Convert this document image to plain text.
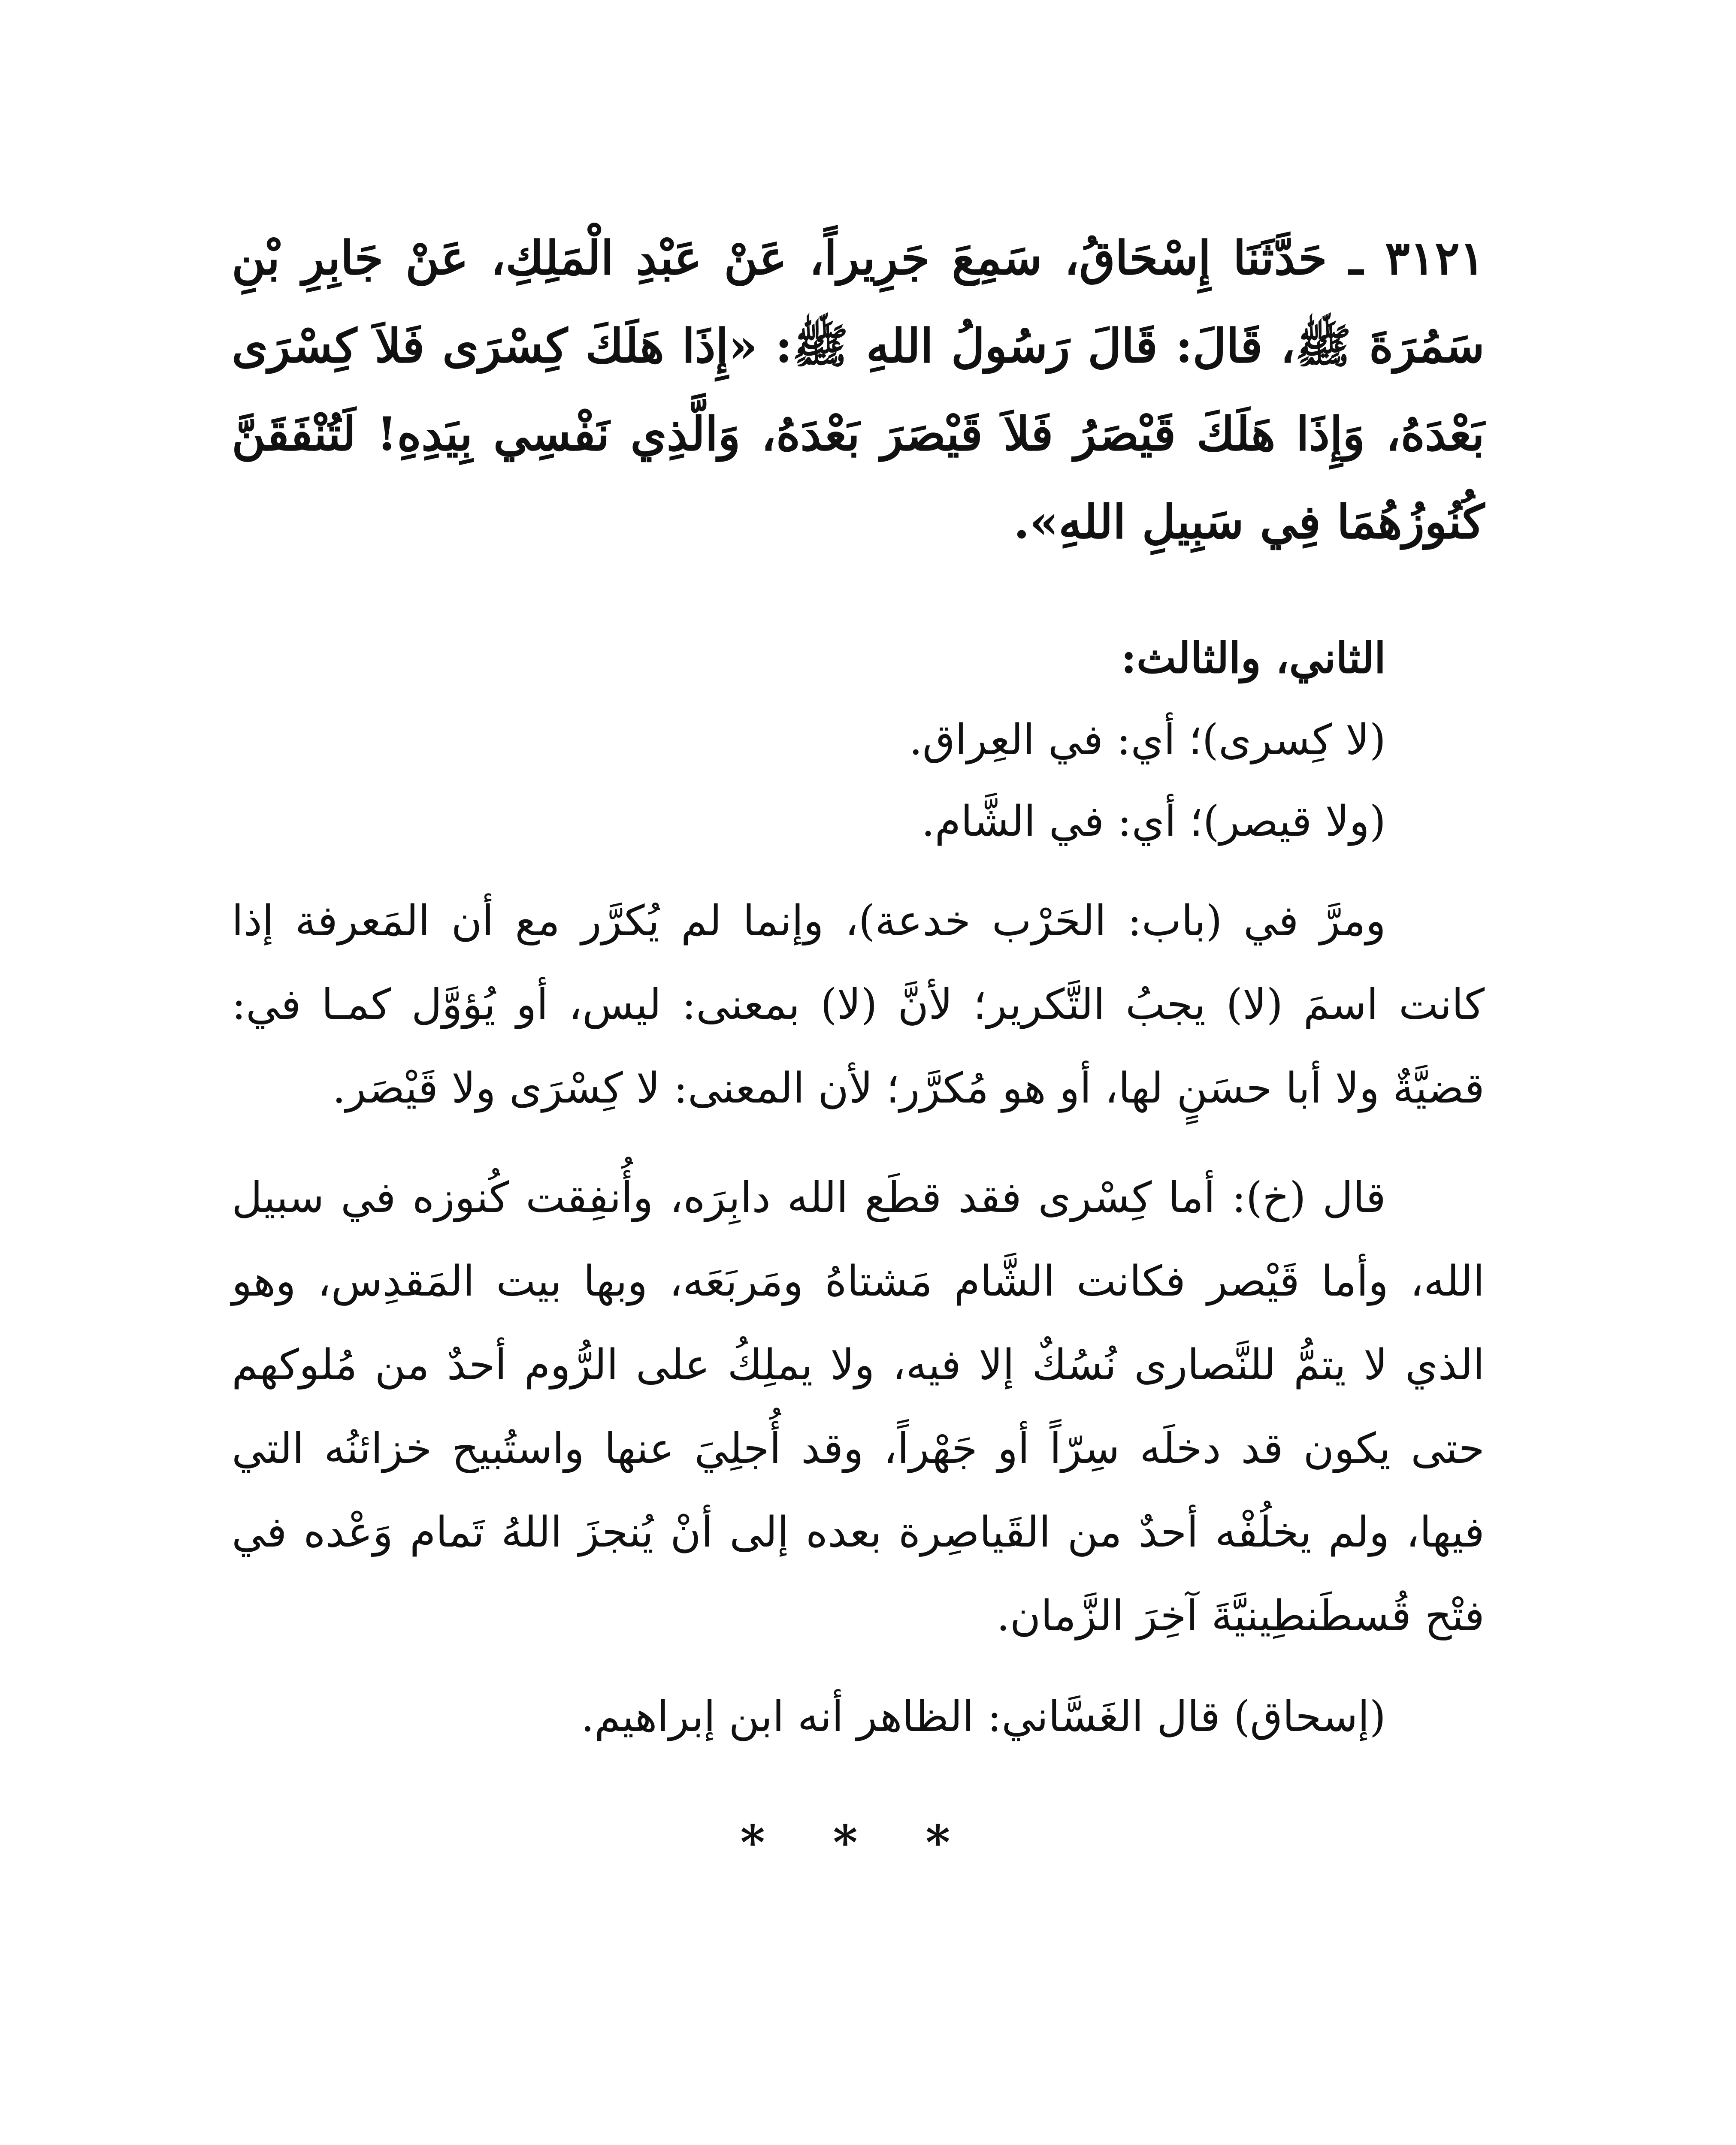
٣١٢١ ـ حَدَّثَنَا إِسْحَاقُ، سَمِعَ جَرِيراً، عَنْ عَبْدِ الْمَلِكِ، عَنْ جَابِرِ بْنِ سَمُرَةَ ﷺ، قَالَ: قَالَ رَسُولُ اللهِ ﷺ: «إِذَا هَلَكَ كِسْرَى فَلاَ كِسْرَى بَعْدَهُ، وَإِذَا هَلَكَ قَيْصَرُ فَلاَ قَيْصَرَ بَعْدَهُ، وَالَّذِي نَفْسِي بِيَدِهِ! لَتُنْفَقَنَّ كُنُوزُهُمَا فِي سَبِيلِ اللهِ».

الثاني، والثالث:

(لا كِسرى)؛ أي: في العِراق.

(ولا قيصر)؛ أي: في الشَّام.

ومرَّ في (باب: الحَرْب خدعة)، وإنما لم يُكرَّر مع أن المَعرفة إذا كانت اسمَ (لا) يجبُ التَّكرير؛ لأنَّ (لا) بمعنى: ليس، أو يُؤوَّل كمـا في: قضيَّةٌ ولا أبا حسَنٍ لها، أو هو مُكرَّر؛ لأن المعنى: لا كِسْرَى ولا قَيْصَر.

قال (خ): أما كِسْرى فقد قطَع الله دابِرَه، وأُنفِقت كُنوزه في سبيل الله، وأما قَيْصر فكانت الشَّام مَشتاهُ ومَربَعَه، وبها بيت المَقدِس، وهو الذي لا يتمُّ للنَّصارى نُسُكٌ إلا فيه، ولا يملِكُ على الرُّوم أحدٌ من مُلوكهم حتى يكون قد دخلَه سِرّاً أو جَهْراً، وقد أُجلِيَ عنها واستُبيح خزائنُه التي فيها، ولم يخلُفْه أحدٌ من القَياصِرة بعده إلى أنْ يُنجزَ اللهُ تَمام وَعْده في فتْح قُسطَنطِينيَّةَ آخِرَ الزَّمان.

(إسحاق) قال الغَسَّاني: الظاهر أنه ابن إبراهيم.

* * *
